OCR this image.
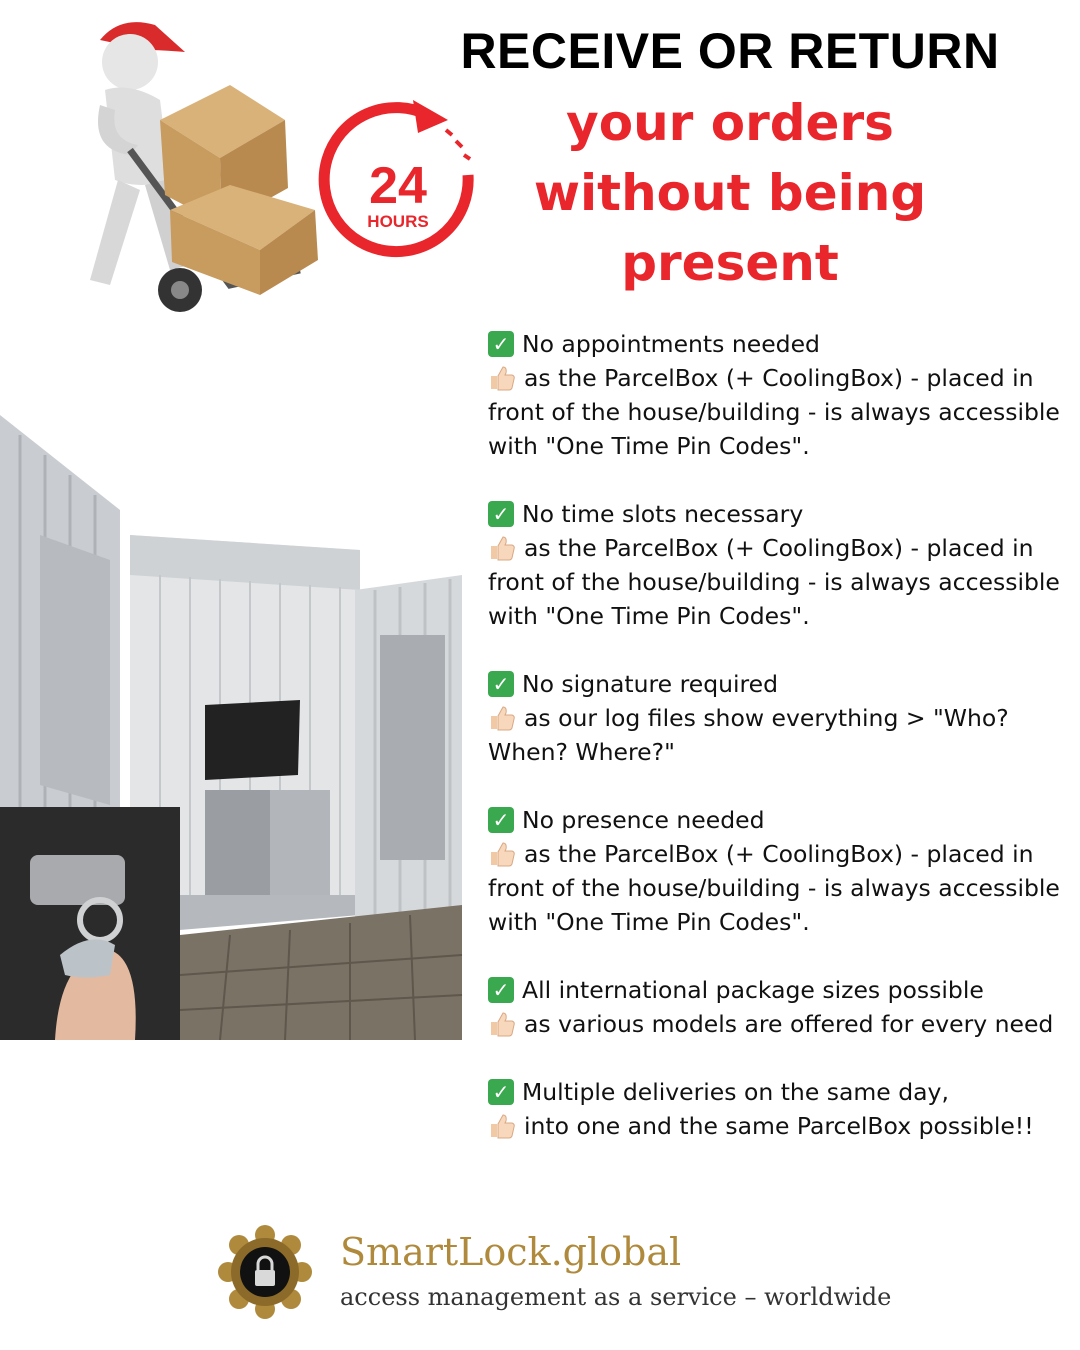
24
HOURS

RECEIVE OR RETURN

your orders

without being

present

✓ No appointments needed
as the ParcelBox (+ CoolingBox) - placed in front of the house/building - is always accessible with "One Time Pin Codes".
✓ No time slots necessary
as the ParcelBox (+ CoolingBox) - placed in front of the house/building - is always accessible with "One Time Pin Codes".
✓ No signature required
as our log files show everything > "Who? When? Where?"
✓ No presence needed
as the ParcelBox (+ CoolingBox) - placed in front of the house/building - is always accessible with "One Time Pin Codes".
✓ All international package sizes possible
as various models are offered for every need
✓ Multiple deliveries on the same day,
into one and the same ParcelBox possible!!
SmartLock.global
access management as a service – worldwide
